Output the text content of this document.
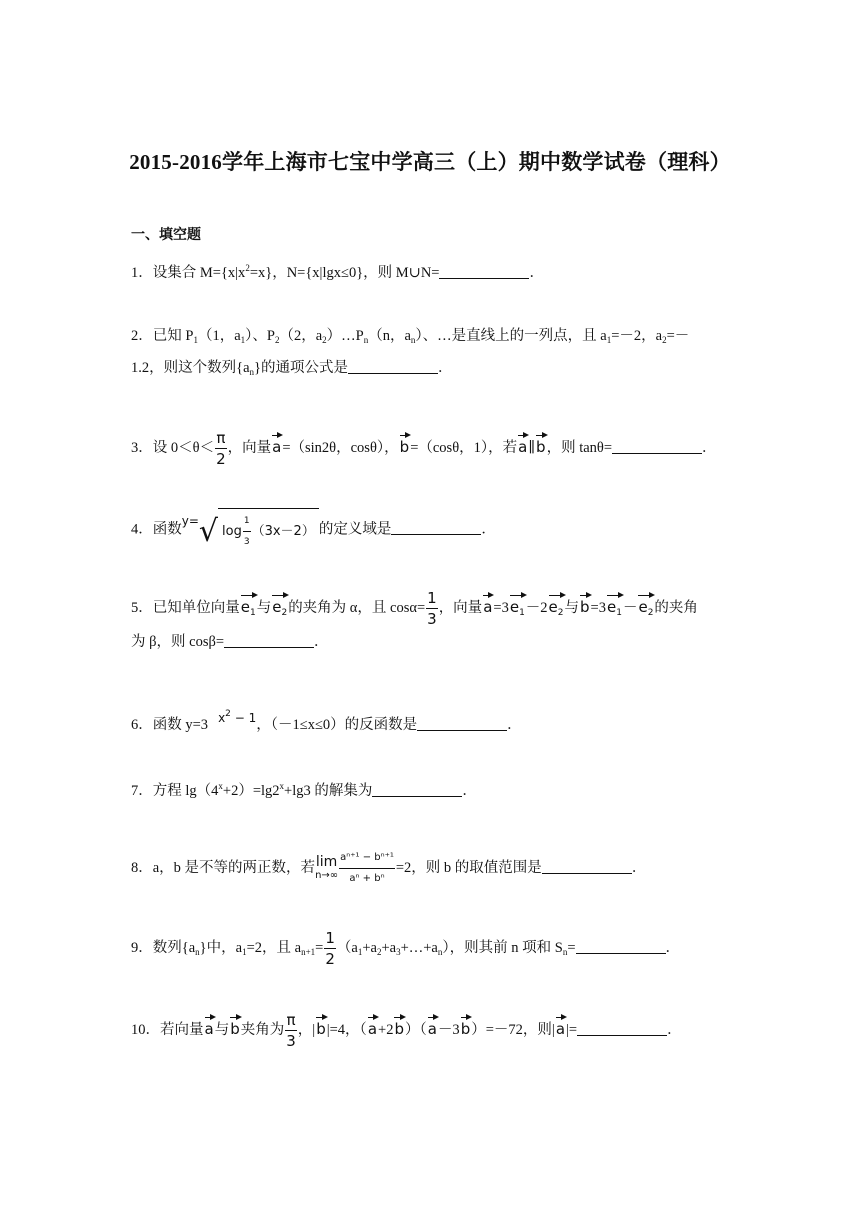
2015-2016学年上海市七宝中学高三（上）期中数学试卷（理科）
一、填空题
1．设集合 $M=\{x|x^2=x\}$，N={x|lgx≤0}，则 M∪N=	．
2．已知 $P_1(1$，$a_1$）、$P_2(2$，$a_2)\dots P_n(n$，$a_n$）、…是直线上的一列点，且 $a_1=-2$，$a_2=-$
1.2，则这个数列$\{a_n\}$的通项公式是	．
3．设 $0<\theta< \frac{\pi}{2}$ ，向量a=（sin2θ，cosθ），b=（cosθ，1），若a∥b，则 tanθ=	．
4．函数y=√ $\log \frac{1}{3} (3x-2)$ 的定义域是	．
5．已知单位向量$e_1$与$e_2$的夹角为 α，且 $\cos\alpha= \frac{1}{3}$ ，向量$a=3e_1-2e_2$与$b=3e_1-e_2$的夹角
为 β，则 cosβ=	．
6．函数 y=3 $^{x^2 - 1}$，（－1≤x≤0）的反函数是	．
7．方程 $\lg(4^x+2)=\lg 2^x+\lg 3$ 的解集为	．
8．a，b 是不等的两正数，若lim
$n\to\infty \frac{\text{aⁿ⁺¹ − bⁿ⁺¹}}{\text{aⁿ + bⁿ}} =2$，则 b 的取值范围是	．
9．数列$\{a_n\}$中，$a_1=2$，且 $a_{n+1}= \frac{1}{2}$ $(a_1+a_2+a_3+\dots+a_n)$，则其前 n 项和 $S_n=$	．
10．若向量a与b夹角为 $\frac{\pi}{3}$ ，|b|=4，（a+2b）（a－3b）=－72，则|a|=	．
